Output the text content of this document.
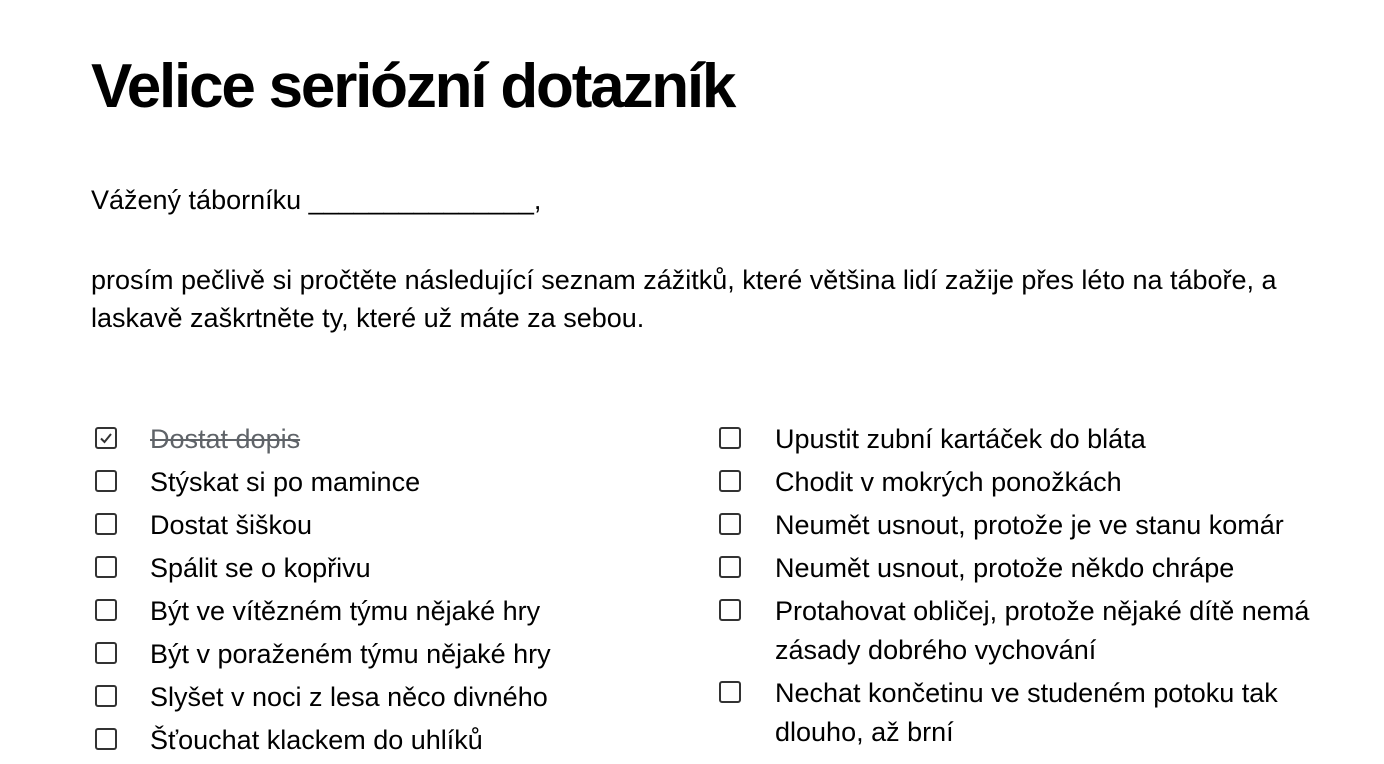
Velice seriózní dotazník
Vážený táborníku _______________,
prosím pečlivě si pročtěte následující seznam zážitků, které většina lidí zažije přes léto na táboře, a laskavě zaškrtněte ty, které už máte za sebou.
Dostat dopis
Stýskat si po mamince
Dostat šiškou
Spálit se o kopřivu
Být ve vítězném týmu nějaké hry
Být v poraženém týmu nějaké hry
Slyšet v noci z lesa něco divného
Šťouchat klackem do uhlíků
Upustit zubní kartáček do bláta
Chodit v mokrých ponožkách
Neumět usnout, protože je ve stanu komár
Neumět usnout, protože někdo chrápe
Protahovat obličej, protože nějaké dítě nemá zásady dobrého vychování
Nechat končetinu ve studeném potoku tak dlouho, až brní
